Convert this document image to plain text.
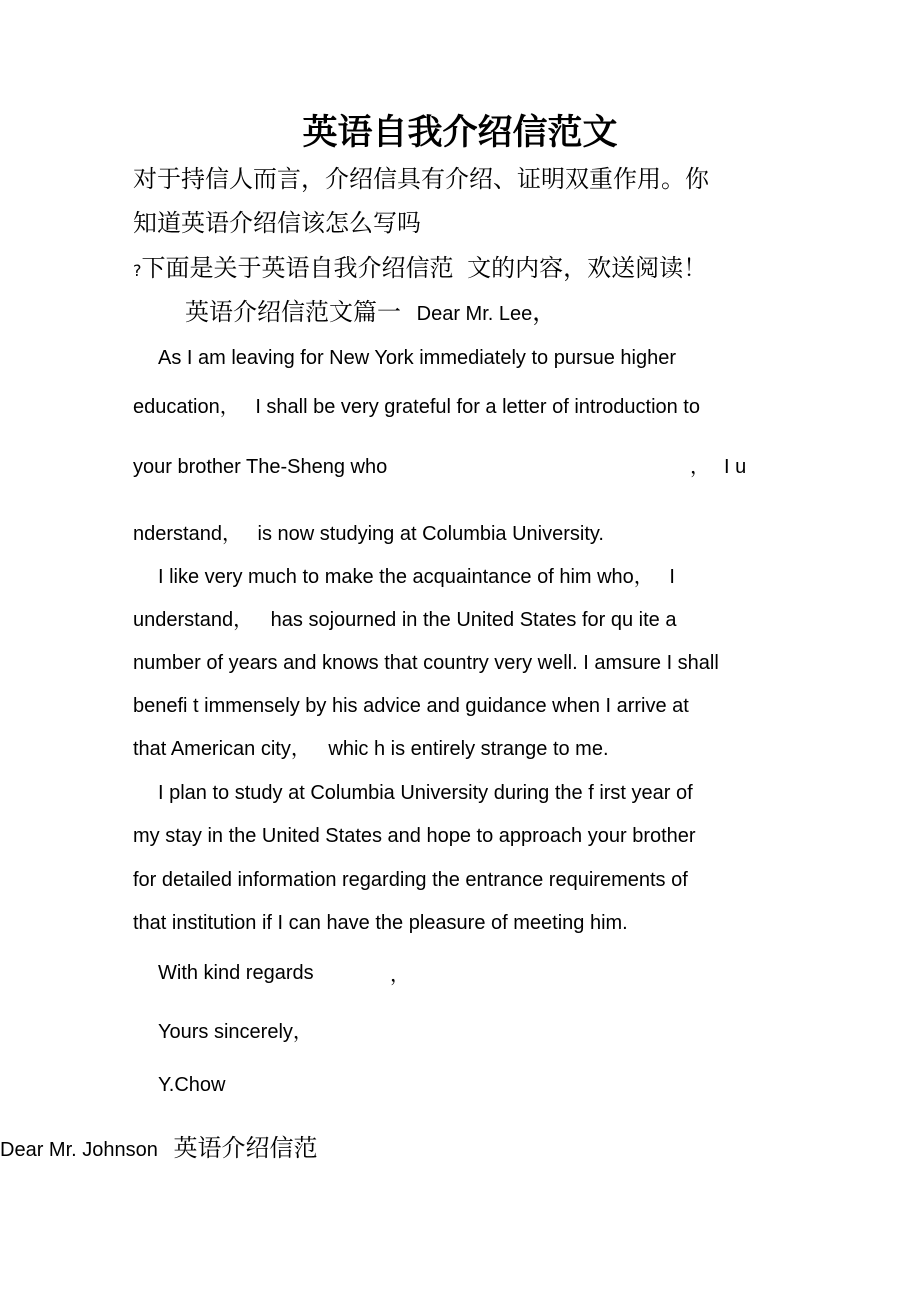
英语自我介绍信范文

对于持信人而言，介绍信具有介绍、证明双重作用。你

知道英语介绍信该怎么写吗

?下面是关于英语自我介绍信范 文的内容，欢送阅读！

英语介绍信范文篇一 Dear Mr. Lee，

As I am leaving for New York immediately to pursue higher

education， I shall be very grateful for a letter of introduction to

your brother The-Sheng who	， I u

nderstand， is now studying at Columbia University.

I like very much to make the acquaintance of him who， I

understand， has sojourned in the United States for qu ite a

number of years and knows that country very well. I amsure I shall

benefi t immensely by his advice and guidance when I arrive at

that American city， whic h is entirely strange to me.

I plan to study at Columbia University during the f irst year of

my stay in the United States and hope to approach your brother

for detailed information regarding the entrance requirements of

that institution if I can have the pleasure of meeting him.

With kind regards	，

Yours sincerely，

Y.Chow

Dear Mr. Johnson 英语介绍信范
